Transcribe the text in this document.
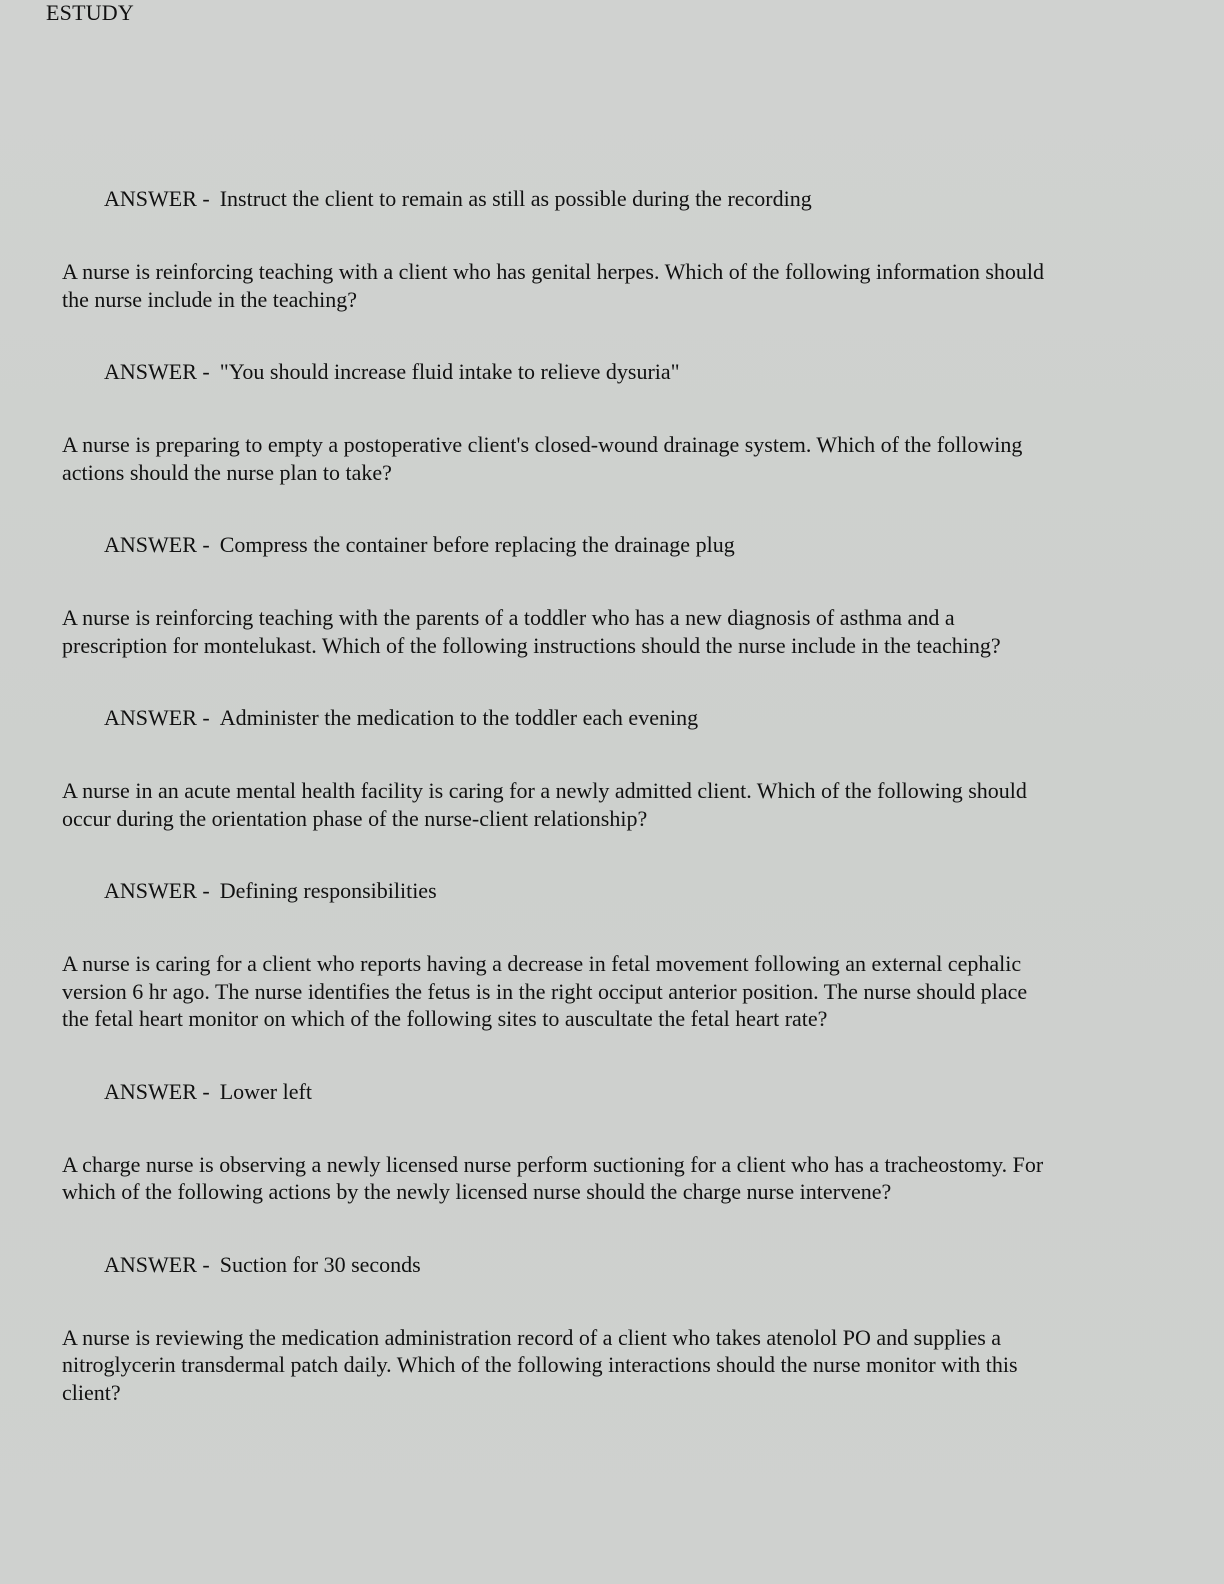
ESTUDY
ANSWER - Instruct the client to remain as still as possible during the recording
A nurse is reinforcing teaching with a client who has genital herpes. Which of the following information should the nurse include in the teaching?
ANSWER - "You should increase fluid intake to relieve dysuria"
A nurse is preparing to empty a postoperative client's closed-wound drainage system. Which of the following actions should the nurse plan to take?
ANSWER - Compress the container before replacing the drainage plug
A nurse is reinforcing teaching with the parents of a toddler who has a new diagnosis of asthma and a prescription for montelukast. Which of the following instructions should the nurse include in the teaching?
ANSWER - Administer the medication to the toddler each evening
A nurse in an acute mental health facility is caring for a newly admitted client. Which of the following should occur during the orientation phase of the nurse-client relationship?
ANSWER - Defining responsibilities
A nurse is caring for a client who reports having a decrease in fetal movement following an external cephalic version 6 hr ago. The nurse identifies the fetus is in the right occiput anterior position. The nurse should place the fetal heart monitor on which of the following sites to auscultate the fetal heart rate?
ANSWER - Lower left
A charge nurse is observing a newly licensed nurse perform suctioning for a client who has a tracheostomy. For which of the following actions by the newly licensed nurse should the charge nurse intervene?
ANSWER - Suction for 30 seconds
A nurse is reviewing the medication administration record of a client who takes atenolol PO and supplies a nitroglycerin transdermal patch daily. Which of the following interactions should the nurse monitor with this client?
